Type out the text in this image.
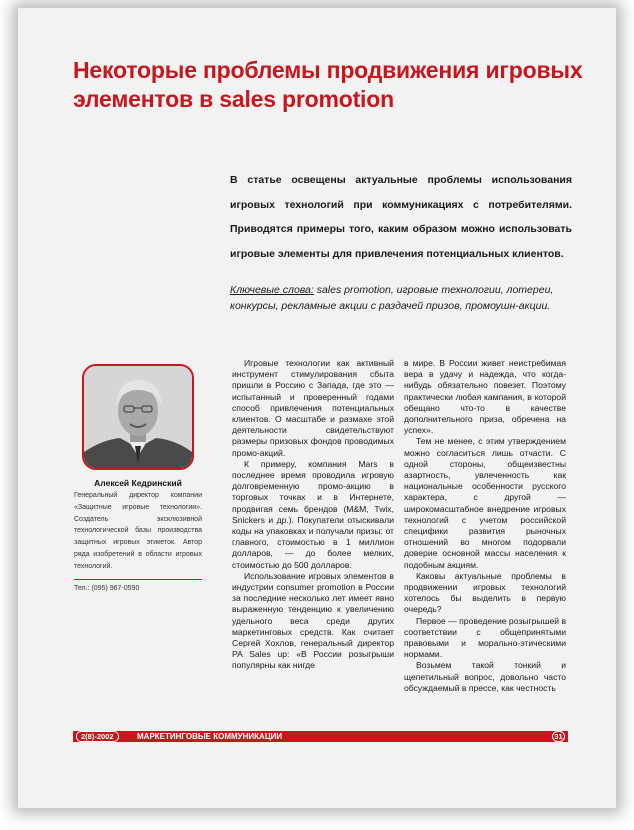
Некоторые проблемы продвижения игровых элементов в sales promotion

В статье освещены актуальные проблемы использования игровых технологий при коммуникациях с потребителями. Приводятся примеры того, каким образом можно использовать игровые элементы для привлечения потенциальных клиентов.

Ключевые слова: sales promotion, игровые технологии, лотереи, конкурсы, рекламные акции с раздачей призов, промоушн-акции.

Алексей Кедринский

Генеральный директор компании «Защитные игровые технологии». Создатель эксклюзивной технологической базы производства защитных игровых этикеток. Автор ряда изобретений в области игровых технологий.

Тел.: (095) 967-0590

Игровые технологии как активный инструмент стимулирования сбыта пришли в Россию с Запада, где это — испытанный и проверенный годами способ привлечения потенциальных клиентов. О масштабе и размахе этой деятельности свидетельствуют размеры призовых фондов проводимых промо-акций.

К примеру, компания Mars в последнее время проводила игровую долговременную промо-акцию в торговых точках и в Интернете, продвигая семь брендов (M&M, Twix, Snickers и др.). Покупатели отыскивали коды на упаковках и получали призы: от главного, стоимостью в 1 миллион долларов, — до более мелких, стоимостью до 500 долларов.

Использование игровых элементов в индустрии consumer promotion в России за последние несколько лет имеет явно выраженную тенденцию к увеличению удельного веса среди других маркетинговых средств. Как считает Сергей Хохлов, генеральный директор PA Sales up: «В России розыгрыши популярны как нигде

в мире. В России живет неистребимая вера в удачу и надежда, что когда-нибудь обязательно повезет. Поэтому практически любая кампания, в которой обещано что-то в качестве дополнительного приза, обречена на успех».

Тем не менее, с этим утверждением можно согласиться лишь отчасти. С одной стороны, общеизвестны азартность, увлеченность как национальные особенности русского характера, с другой — широкомасштабное внедрение игровых технологий с учетом российской специфики развития рыночных отношений во многом подорвали доверие основной массы населения к подобным акциям.

Каковы актуальные проблемы в продвижении игровых технологий хотелось бы выделить в первую очередь?

Первое — проведение розыгрышей в соответствии с общепринятыми правовыми и морально-этическими нормами.

Возьмем такой тонкий и щепетильный вопрос, довольно часто обсуждаемый в прессе, как честность

2(8)-2002	МАРКЕТИНГОВЫЕ КОММУНИКАЦИИ	31
